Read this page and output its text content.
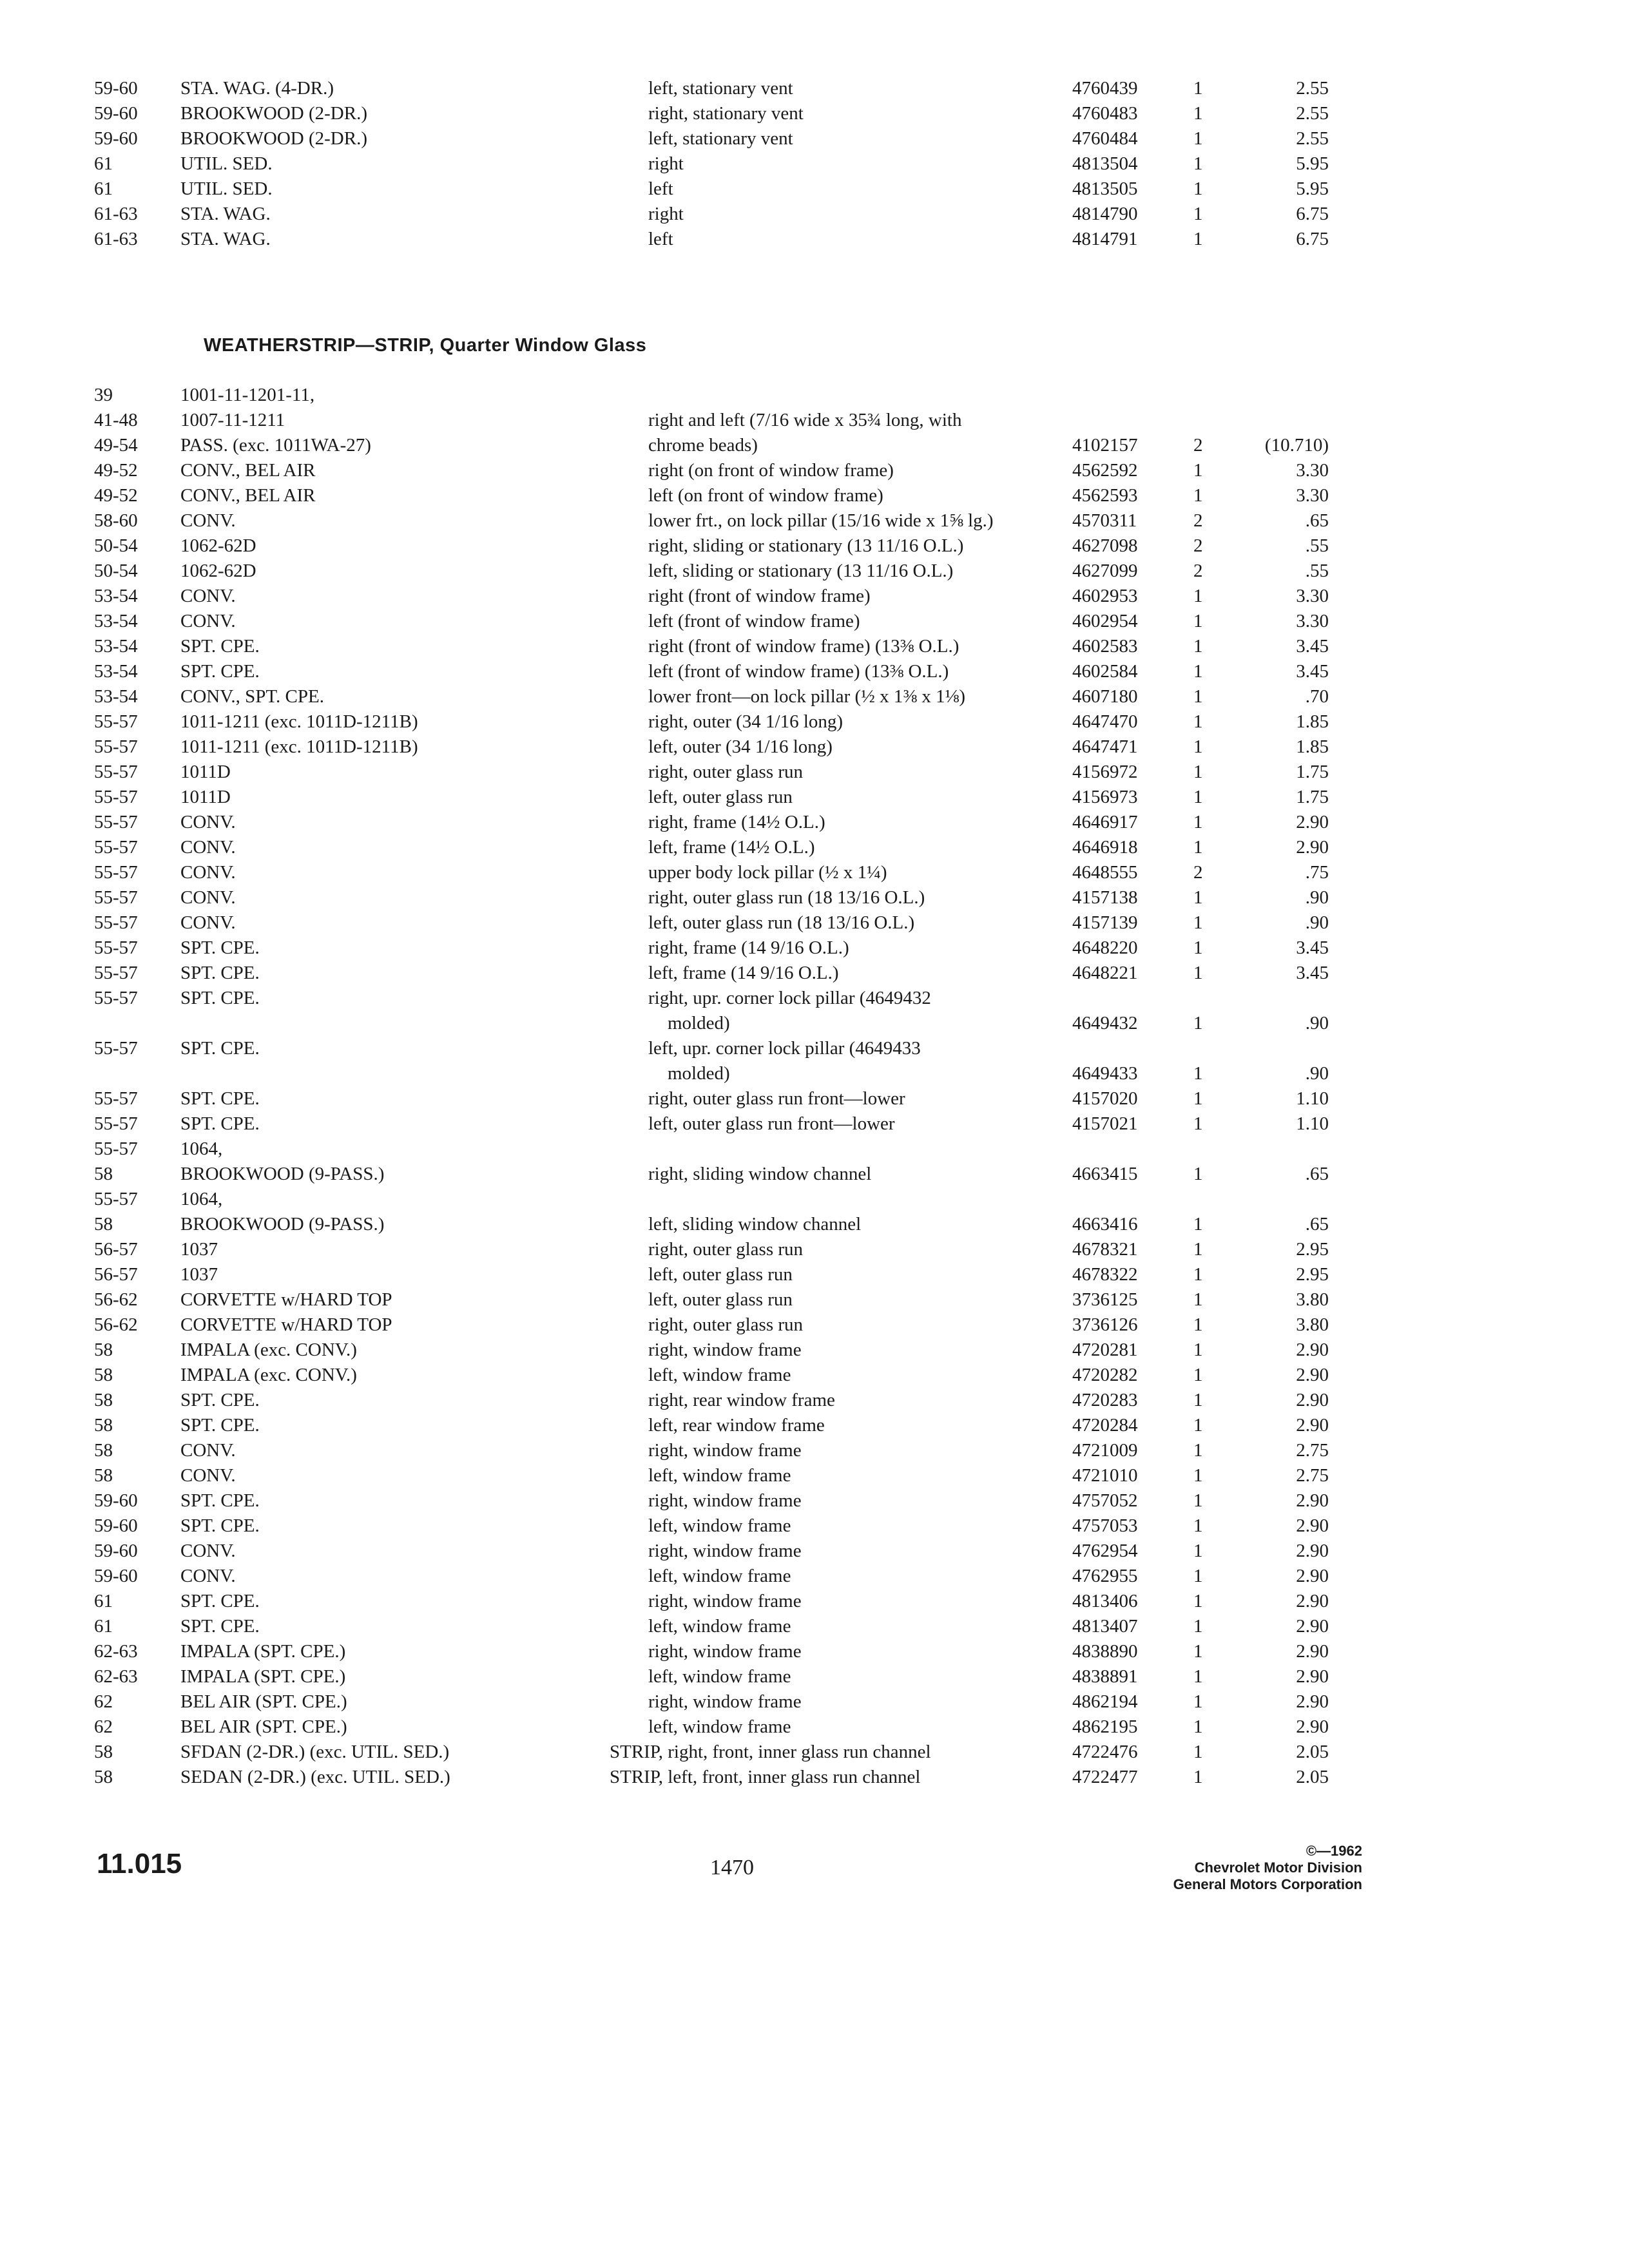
59-60	STA. WAG. (4-DR.)	left, stationary vent	4760439	1	2.55
59-60	BROOKWOOD (2-DR.)	right, stationary vent	4760483	1	2.55
59-60	BROOKWOOD (2-DR.)	left, stationary vent	4760484	1	2.55
61	UTIL. SED.	right	4813504	1	5.95
61	UTIL. SED.	left	4813505	1	5.95
61-63	STA. WAG.	right	4814790	1	6.75
61-63	STA. WAG.	left	4814791	1	6.75
WEATHERSTRIP—STRIP, Quarter Window Glass
39	1001-11-1201-11,
41-48	1007-11-1211	right and left (7/16 wide x 35¾ long, with
49-54	PASS. (exc. 1011WA-27)	chrome beads)	4102157	2	(10.710)
49-52	CONV., BEL AIR	right (on front of window frame)	4562592	1	3.30
49-52	CONV., BEL AIR	left (on front of window frame)	4562593	1	3.30
58-60	CONV.	lower frt., on lock pillar (15/16 wide x 1⅝ lg.)	4570311	2	.65
50-54	1062-62D	right, sliding or stationary (13 11/16 O.L.)	4627098	2	.55
50-54	1062-62D	left, sliding or stationary (13 11/16 O.L.)	4627099	2	.55
53-54	CONV.	right (front of window frame)	4602953	1	3.30
53-54	CONV.	left (front of window frame)	4602954	1	3.30
53-54	SPT. CPE.	right (front of window frame) (13⅜ O.L.)	4602583	1	3.45
53-54	SPT. CPE.	left (front of window frame) (13⅜ O.L.)	4602584	1	3.45
53-54	CONV., SPT. CPE.	lower front—on lock pillar (½ x 1⅜ x 1⅛)	4607180	1	.70
55-57	1011-1211 (exc. 1011D-1211B)	right, outer (34 1/16 long)	4647470	1	1.85
55-57	1011-1211 (exc. 1011D-1211B)	left, outer (34 1/16 long)	4647471	1	1.85
55-57	1011D	right, outer glass run	4156972	1	1.75
55-57	1011D	left, outer glass run	4156973	1	1.75
55-57	CONV.	right, frame (14½ O.L.)	4646917	1	2.90
55-57	CONV.	left, frame (14½ O.L.)	4646918	1	2.90
55-57	CONV.	upper body lock pillar (½ x 1¼)	4648555	2	.75
55-57	CONV.	right, outer glass run (18 13/16 O.L.)	4157138	1	.90
55-57	CONV.	left, outer glass run (18 13/16 O.L.)	4157139	1	.90
55-57	SPT. CPE.	right, frame (14 9/16 O.L.)	4648220	1	3.45
55-57	SPT. CPE.	left, frame (14 9/16 O.L.)	4648221	1	3.45
55-57	SPT. CPE.	right, upr. corner lock pillar (4649432
molded)	4649432	1	.90
55-57	SPT. CPE.	left, upr. corner lock pillar (4649433
molded)	4649433	1	.90
55-57	SPT. CPE.	right, outer glass run front—lower	4157020	1	1.10
55-57	SPT. CPE.	left, outer glass run front—lower	4157021	1	1.10
55-57	1064,
58	BROOKWOOD (9-PASS.)	right, sliding window channel	4663415	1	.65
55-57	1064,
58	BROOKWOOD (9-PASS.)	left, sliding window channel	4663416	1	.65
56-57	1037	right, outer glass run	4678321	1	2.95
56-57	1037	left, outer glass run	4678322	1	2.95
56-62	CORVETTE w/HARD TOP	left, outer glass run	3736125	1	3.80
56-62	CORVETTE w/HARD TOP	right, outer glass run	3736126	1	3.80
58	IMPALA (exc. CONV.)	right, window frame	4720281	1	2.90
58	IMPALA (exc. CONV.)	left, window frame	4720282	1	2.90
58	SPT. CPE.	right, rear window frame	4720283	1	2.90
58	SPT. CPE.	left, rear window frame	4720284	1	2.90
58	CONV.	right, window frame	4721009	1	2.75
58	CONV.	left, window frame	4721010	1	2.75
59-60	SPT. CPE.	right, window frame	4757052	1	2.90
59-60	SPT. CPE.	left, window frame	4757053	1	2.90
59-60	CONV.	right, window frame	4762954	1	2.90
59-60	CONV.	left, window frame	4762955	1	2.90
61	SPT. CPE.	right, window frame	4813406	1	2.90
61	SPT. CPE.	left, window frame	4813407	1	2.90
62-63	IMPALA (SPT. CPE.)	right, window frame	4838890	1	2.90
62-63	IMPALA (SPT. CPE.)	left, window frame	4838891	1	2.90
62	BEL AIR (SPT. CPE.)	right, window frame	4862194	1	2.90
62	BEL AIR (SPT. CPE.)	left, window frame	4862195	1	2.90
58	SFDAN (2-DR.) (exc. UTIL. SED.)	STRIP, right, front, inner glass run channel	4722476	1	2.05
58	SEDAN (2-DR.) (exc. UTIL. SED.)	STRIP, left, front, inner glass run channel	4722477	1	2.05
11.015	1470
©—1962
Chevrolet Motor Division
General Motors Corporation
